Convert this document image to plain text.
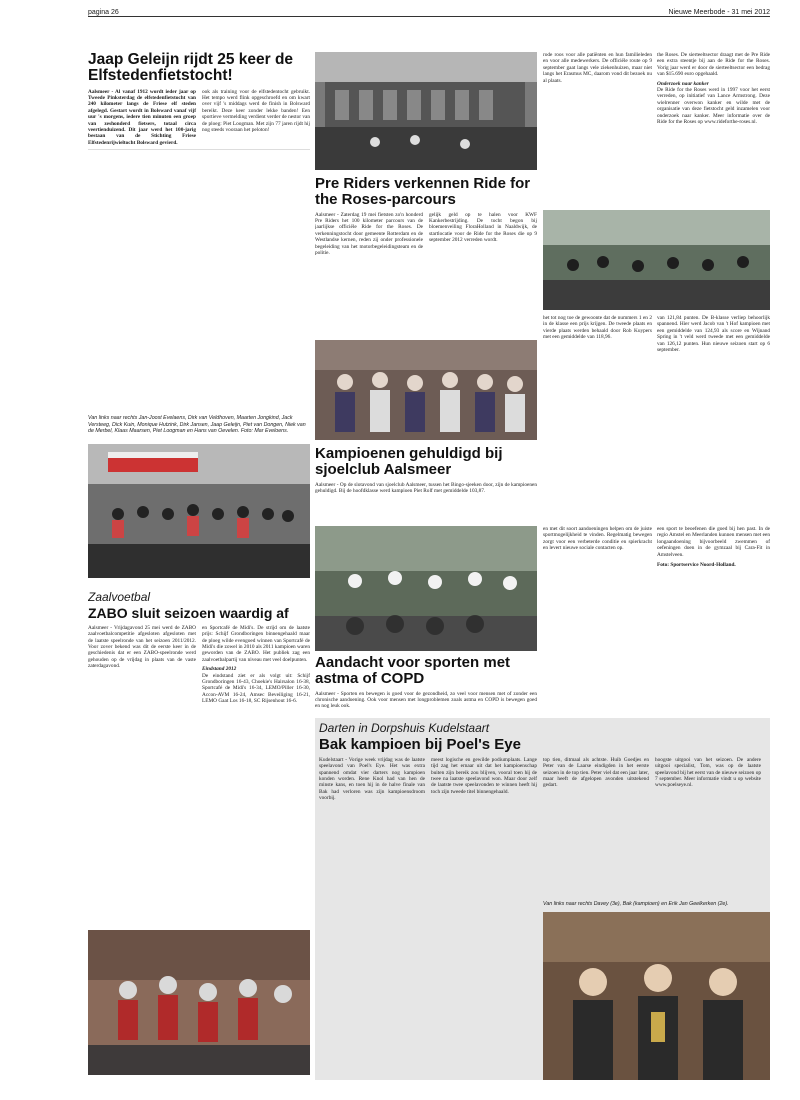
pagina 26	Nieuwe Meerbode - 31 mei 2012
Jaap Geleijn rijdt 25 keer de Elfstedenfietstocht!

Aalsmeer - Al vanaf 1912 wordt ieder jaar op Tweede Pinksterdag de elfstedenfietstocht van 240 kilometer langs de Friese elf steden afgelegd. Gestart wordt in Bolsward vanaf vijf uur 's morgens, iedere tien minuten een groep van zeshonderd fietsers, totaal circa veertienduizend. Dit jaar werd het 100-jarig bestaan van de Stichting Friese Elfstedenrijwieltocht Bolsward gevierd.

ook als training voor de elfstedentocht gebruikt. Het tempo werd flink opgeschroefd en om kwart over vijf 's middags werd de finish in Bolsward bereikt. Deze keer zonder lekke banden! Een sportieve vermelding verdient verder de nestor van de ploeg: Piet Loogman. Met zijn 77 jaren rijdt hij nog steeds vooraan het peloton!

Van links naar rechts Jan-Joost Evelaens, Dirk van Veldhoven, Maarten Jongkind, Jack Versteeg, Dick Kuin, Monique Hutzink, Dirk Jansen, Jaap Geleijn, Piet van Dongen, Niek van de Merbel, Klaas Maarsen, Piet Loogman en Hans van Oevelen. Foto: Mar Eveloens.

Zaalvoetbal
ZABO sluit seizoen waardig af

Aalsmeer - Vrijdagavond 25 mei werd de ZABO zaalvoetbalcompetitie afgesloten afgesloten met de laatste speelronde van het seizoen 2011/2012. Voor zover bekend was dit de eerste keer in de geschiedenis dat er een ZABO-speelronde werd gehouden op de vrijdag in plaats van de vaste zaterdagavond.

en Sportcafé de Midi's. De strijd om de laatste prijs: Schijf Grondboringen binnengehaald maar de ploeg wilde evengoed winnen van Sportcafé de Midi's die zowel in 2010 als 2011 kampioen waren geworden van de ZABO. Het publiek zag een zaalvoetbalpartij van niveau met veel doelpunten.

Eindstand 2012

De eindstand ziet er als volgt uit: Schijf Grondboringen 16-43, Choekie's Hairsalon 16-38, Sportcafé de Midi's 16-34, LEMO/Piller 16-30, Accon-AVM 16-24, Amsec Beveiliging 16-21, LEMO Gaat Los 16-18, SC Rijsenhout 16-6.

Pre Riders verkennen Ride for the Roses-parcours

Aalsmeer - Zaterdag 19 mei fietsten zo'n honderd Pre Riders het 100 kilometer parcours van de jaarlijkse officiële Ride for the Roses. De verkenningstocht door gemeente Rotterdam en de Westlandse kernen, reden zij onder professionele begeleiding van het motorbegeleidingsteam en de politie.

gelijk geld op te halen voor KWF Kankerbestrijding. De tocht begon bij bloemenveiling FloraHolland in Naaldwijk, de startlocatie voor de Ride for the Roses die op 9 september 2012 verreden wordt.

rode roos voor alle patiënten en hun familieleden en voor alle medewerkers. De officiële route op 9 september gaat langs vele ziekenhuizen, maar niet langs het Erasmus MC, daarom vond dit bezoek nu al plaats.

the Roses. De sierteeltsector draagt met de Pre Ride een extra steentje bij aan de Ride for the Roses. Vorig jaar werd er door de sierteeltsector een bedrag van $15.690 euro opgehaald.

Onderzoek naar kanker

De Ride for the Roses werd in 1997 voor het eerst verreden, op initiatief van Lance Armstrong. Deze wielrenner overwon kanker en wilde met de organisatie van deze fietstocht geld inzamelen voor onderzoek naar kanker. Meer informatie over de Ride for the Roses op www.rideforthe-roses.nl.

Kampioenen gehuldigd bij sjoelclub Aalsmeer

Aalsmeer - Op de slotavond van sjoelclub Aalsmeer, tussen het Bingo-sjeeken door, zijn de kampioenen gehuldigd. Bij de hoofdklasse werd kampioen Piet Rolf met gemiddelde 103,87.

het tot nog toe de gewoonte dat de nummers 1 en 2 in de klasse een prijs krijgen. De tweede plaats en vierde plaats werden behaald door Rob Kuypers met een gemiddelde van 118,96.

van 121,84 punten. De B-klasse verliep behoorlijk spannend. Hier werd Jacob van 't Hof kampioen met een gemiddelde van 124,93 als score en Wijnand Spring in 't veld werd tweede met een gemiddelde van 126,12 punten. Hun nieuwe seizoen start op 6 september.

Aandacht voor sporten met astma of COPD

Aalsmeer - Sporten en bewegen is goed voor de gezondheid, zo veel voor mensen met of zonder een chronische aandoening. Ook voor mensen met longproblemen zoals astma en COPD is bewegen goed en nog leuk ook.

en met dit soort aandoeningen helpen om de juiste sportmogelijkheid te vinden. Regelmatig bewegen zorgt voor een verbeterde conditie en spierkracht en levert nieuwe sociale contacten op.

een sport te beoefenen die goed bij hen past. In de regio Amstel en Meerlanden kunnen mensen met een longaandoening bijvoorbeeld zwemmen of oefeningen doen in de gymzaal bij Cara-Fit in Amstelveen.

Foto: Sportservice Noord-Holland.

Darten in Dorpshuis Kudelstaart
Bak kampioen bij Poel's Eye

Kudelstaart - Vorige week vrijdag was de laatste speelavond van Poel's Eye. Het was extra spannend omdat vier darters nog kampioen konden worden. Rene Knol had van hen de minste kans, en toen hij in de halve finale van Bak had verloren was zijn kampioensdroom voorbij.

meest logische en gewilde podiumplaats. Lange tijd zag het ernaar uit dat het kampioenschap buiten zijn bereik zou blijven, vooral toen hij de twee na laatste speelavond won. Maar door zelf de laatste twee speelavonden te winnen heeft hij toch zijn tweede titel binnengehaald.

top tien, ditmaal als achtste. Huib Goedjes en Peter van de Laarse eindigden in het eerste seizoen in de top tien. Peter viel dat een jaar later, maar heeft de afgelopen avonden uitstekend gedart.

hoogste uitgooi van het seizoen. De andere uitgooi specialist, Tom, was op de laatste speelavond bij het eerst van de nieuwe seizoen op 7 september. Meer informatie vindt u op website www.poelseye.nl.

Van links naar rechts Davey (3e), Bak (kampioen) en Erik Jan Geelkerken (2e).
